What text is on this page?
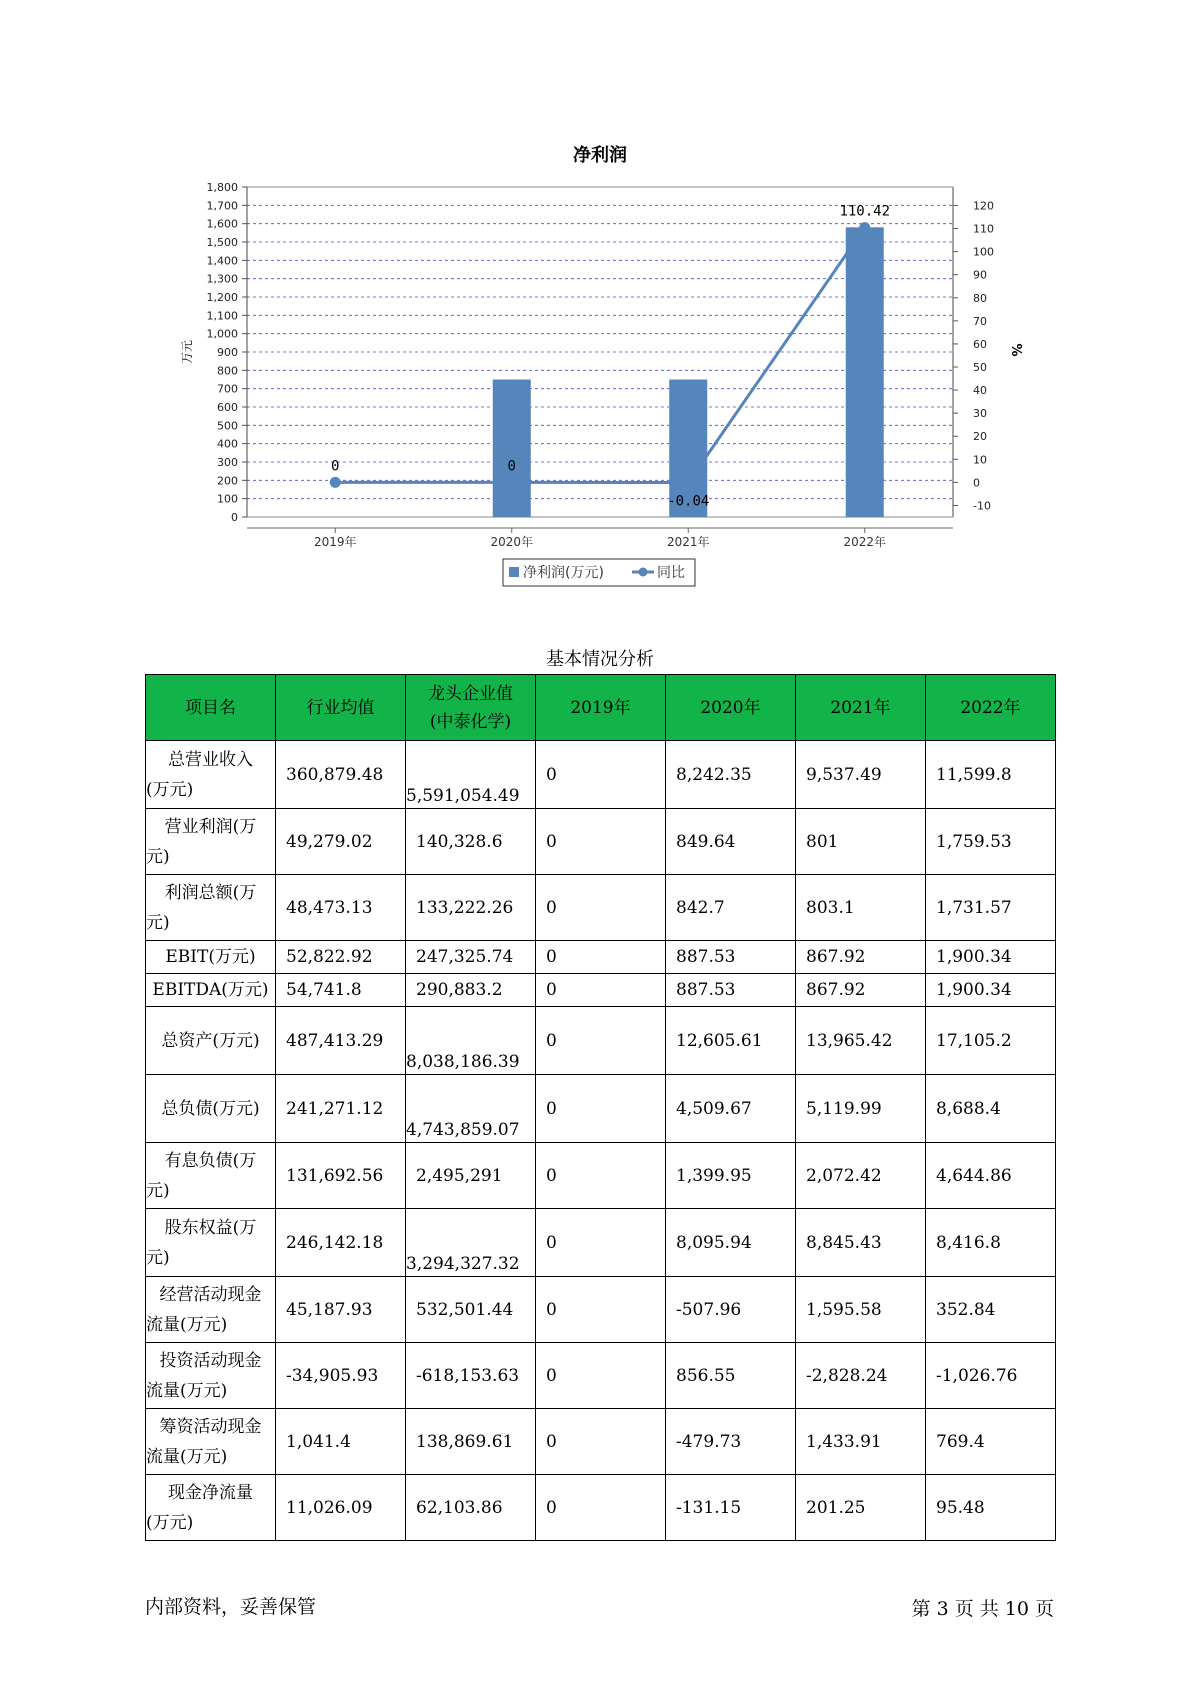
净利润
0
100
200
300
400
500
600
700
800
900
1,000
1,100
1,200
1,300
1,400
1,500
1,600
1,700
1,800
-10
0
10
20
30
40
50
60
70
80
90
100
110
120
万元	%
2019年	2020年	2021年	2022年
0	0
-0.04
110.42
净利润(万元)	同比
基本情况分析
项目名	行业均值	龙头企业值
(中泰化学)	2019年	2020年	2021年	2022年

总营业收入
(万元)	360,879.48	5,591,054.49	0	8,242.35	9,537.49	11,599.8

营业利润(万
元)	49,279.02	140,328.6	0	849.64	801	1,759.53

利润总额(万
元)	48,473.13	133,222.26	0	842.7	803.1	1,731.57

EBIT(万元)	52,822.92	247,325.74	0	887.53	867.92	1,900.34

EBITDA(万元)	54,741.8	290,883.2	0	887.53	867.92	1,900.34

总资产(万元)	487,413.29	8,038,186.39	0	12,605.61	13,965.42	17,105.2

总负债(万元)	241,271.12	4,743,859.07	0	4,509.67	5,119.99	8,688.4

有息负债(万
元)	131,692.56	2,495,291	0	1,399.95	2,072.42	4,644.86

股东权益(万
元)	246,142.18	3,294,327.32	0	8,095.94	8,845.43	8,416.8

经营活动现金
流量(万元)	45,187.93	532,501.44	0	-507.96	1,595.58	352.84

投资活动现金
流量(万元)	-34,905.93	-618,153.63	0	856.55	-2,828.24	-1,026.76

筹资活动现金
流量(万元)	1,041.4	138,869.61	0	-479.73	1,433.91	769.4

现金净流量
(万元)	11,026.09	62,103.86	0	-131.15	201.25	95.48
内部资料，妥善保管	第 3 页 共 10 页
